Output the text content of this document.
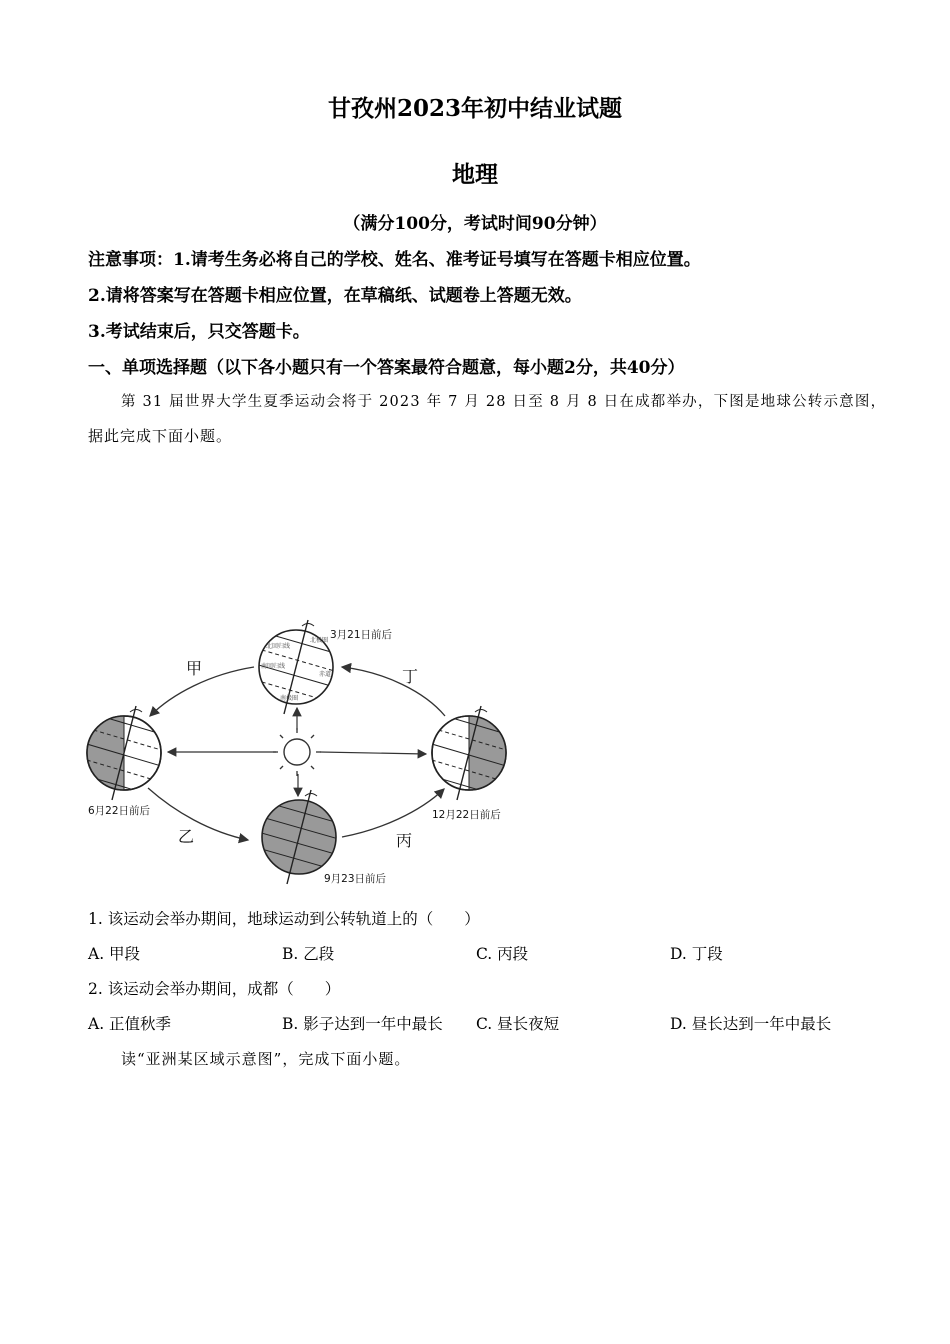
甘孜州2023年初中结业试题
地理
（满分100分，考试时间90分钟）
注意事项：1.请考生务必将自己的学校、姓名、准考证号填写在答题卡相应位置。
2.请将答案写在答题卡相应位置，在草稿纸、试题卷上答题无效。
3.考试结束后，只交答题卡。
一、单项选择题（以下各小题只有一个答案最符合题意，每小题2分，共40分）
第 31 届世界大学生夏季运动会将于 2023 年 7 月 28 日至 8 月 8 日在成都举办，下图是地球公转示意图，
据此完成下面小题。
北极圈
北回归线
赤道
南回归线
南极圈
3月21日前后
6月22日前后	12月22日前后
9月23日前后
甲
乙	丙
丁
1. 该运动会举办期间，地球运动到公转轨道上的（　　）
A. 甲段	B. 乙段	C. 丙段	D. 丁段
2. 该运动会举办期间，成都（　　）
A. 正值秋季	B. 影子达到一年中最长 C. 昼长夜短	D. 昼长达到一年中最长
读“亚洲某区域示意图”，完成下面小题。
